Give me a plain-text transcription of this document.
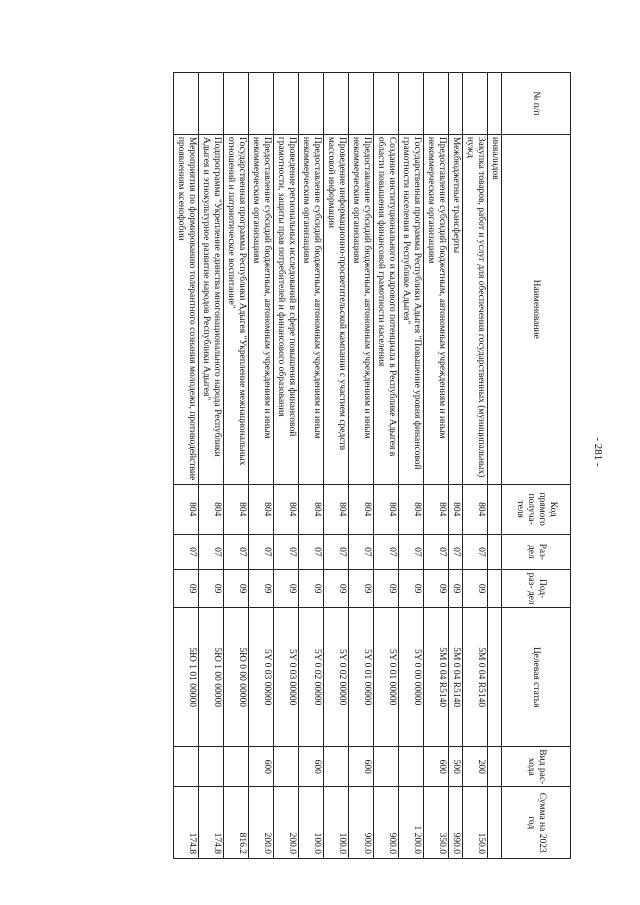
- 281 -
№ п/п	Наименование	Код прямого получа- теля	Раз- дел	Под- раз- дел	Целевая статья	Вид рас- хода	Сумма на 2023 год
	инвалидов						
	Закупка товаров, работ и услуг для обеспечения государственных (муниципальных) нужд	804	07	09	5М 0 04 R5140	200	150.0
	Межбюджетные трансферты	804	07	09	5М 0 04 R5140	500	990.0
	Предоставление субсидий бюджетным, автономным учреждениям и иным некоммерческим организациям	804	07	09	5М 0 04 R5140	600	350.0
	Государственная программа Республики Адыгея "Повышение уровня финансовой грамотности населения в Республике Адыгея"	804	07	09	5Y 0 00 00000		1 200.0
	Создание институционального и кадрового потенциала в Республике Адыгея в области повышения финансовой грамотности населения	804	07	09	5Y 0 01 00000		900.0
	Предоставление субсидий бюджетным, автономным учреждениям и иным некоммерческим организациям	804	07	09	5Y 0 01 00000	600	900.0
	Проведение информационно-просветительской кампании с участием средств массовой информации	804	07	09	5Y 0 02 00000		100.0
	Предоставление субсидий бюджетным, автономным учреждениям и иным некоммерческим организациям	804	07	09	5Y 0 02 00000	600	100.0
	Проведение региональных исследований в сфере повышения финансовой грамотности, защиты прав потребителей и финансового образования	804	07	09	5Y 0 03 00000		200.0
	Предоставление субсидий бюджетным, автономным учреждениям и иным некоммерческим организациям	804	07	09	5Y 0 03 00000	600	200.0
	Государственная программа Республики Адыгея "Укрепление межнациональных отношений и патриотическое воспитание"	804	07	09	5Ю 0 00 00000		816.2
	Подпрограмма "Укрепление единства многонационального народа Республики Адыгея и этнокультурное развитие народов Республики Адыгея"	804	07	09	5Ю 1 00 00000		174.8
	Мероприятия по формированию толерантного сознания молодежи, противодействие проявлениям ксенофобии	804	07	09	5Ю 1 01 00000		174.8
